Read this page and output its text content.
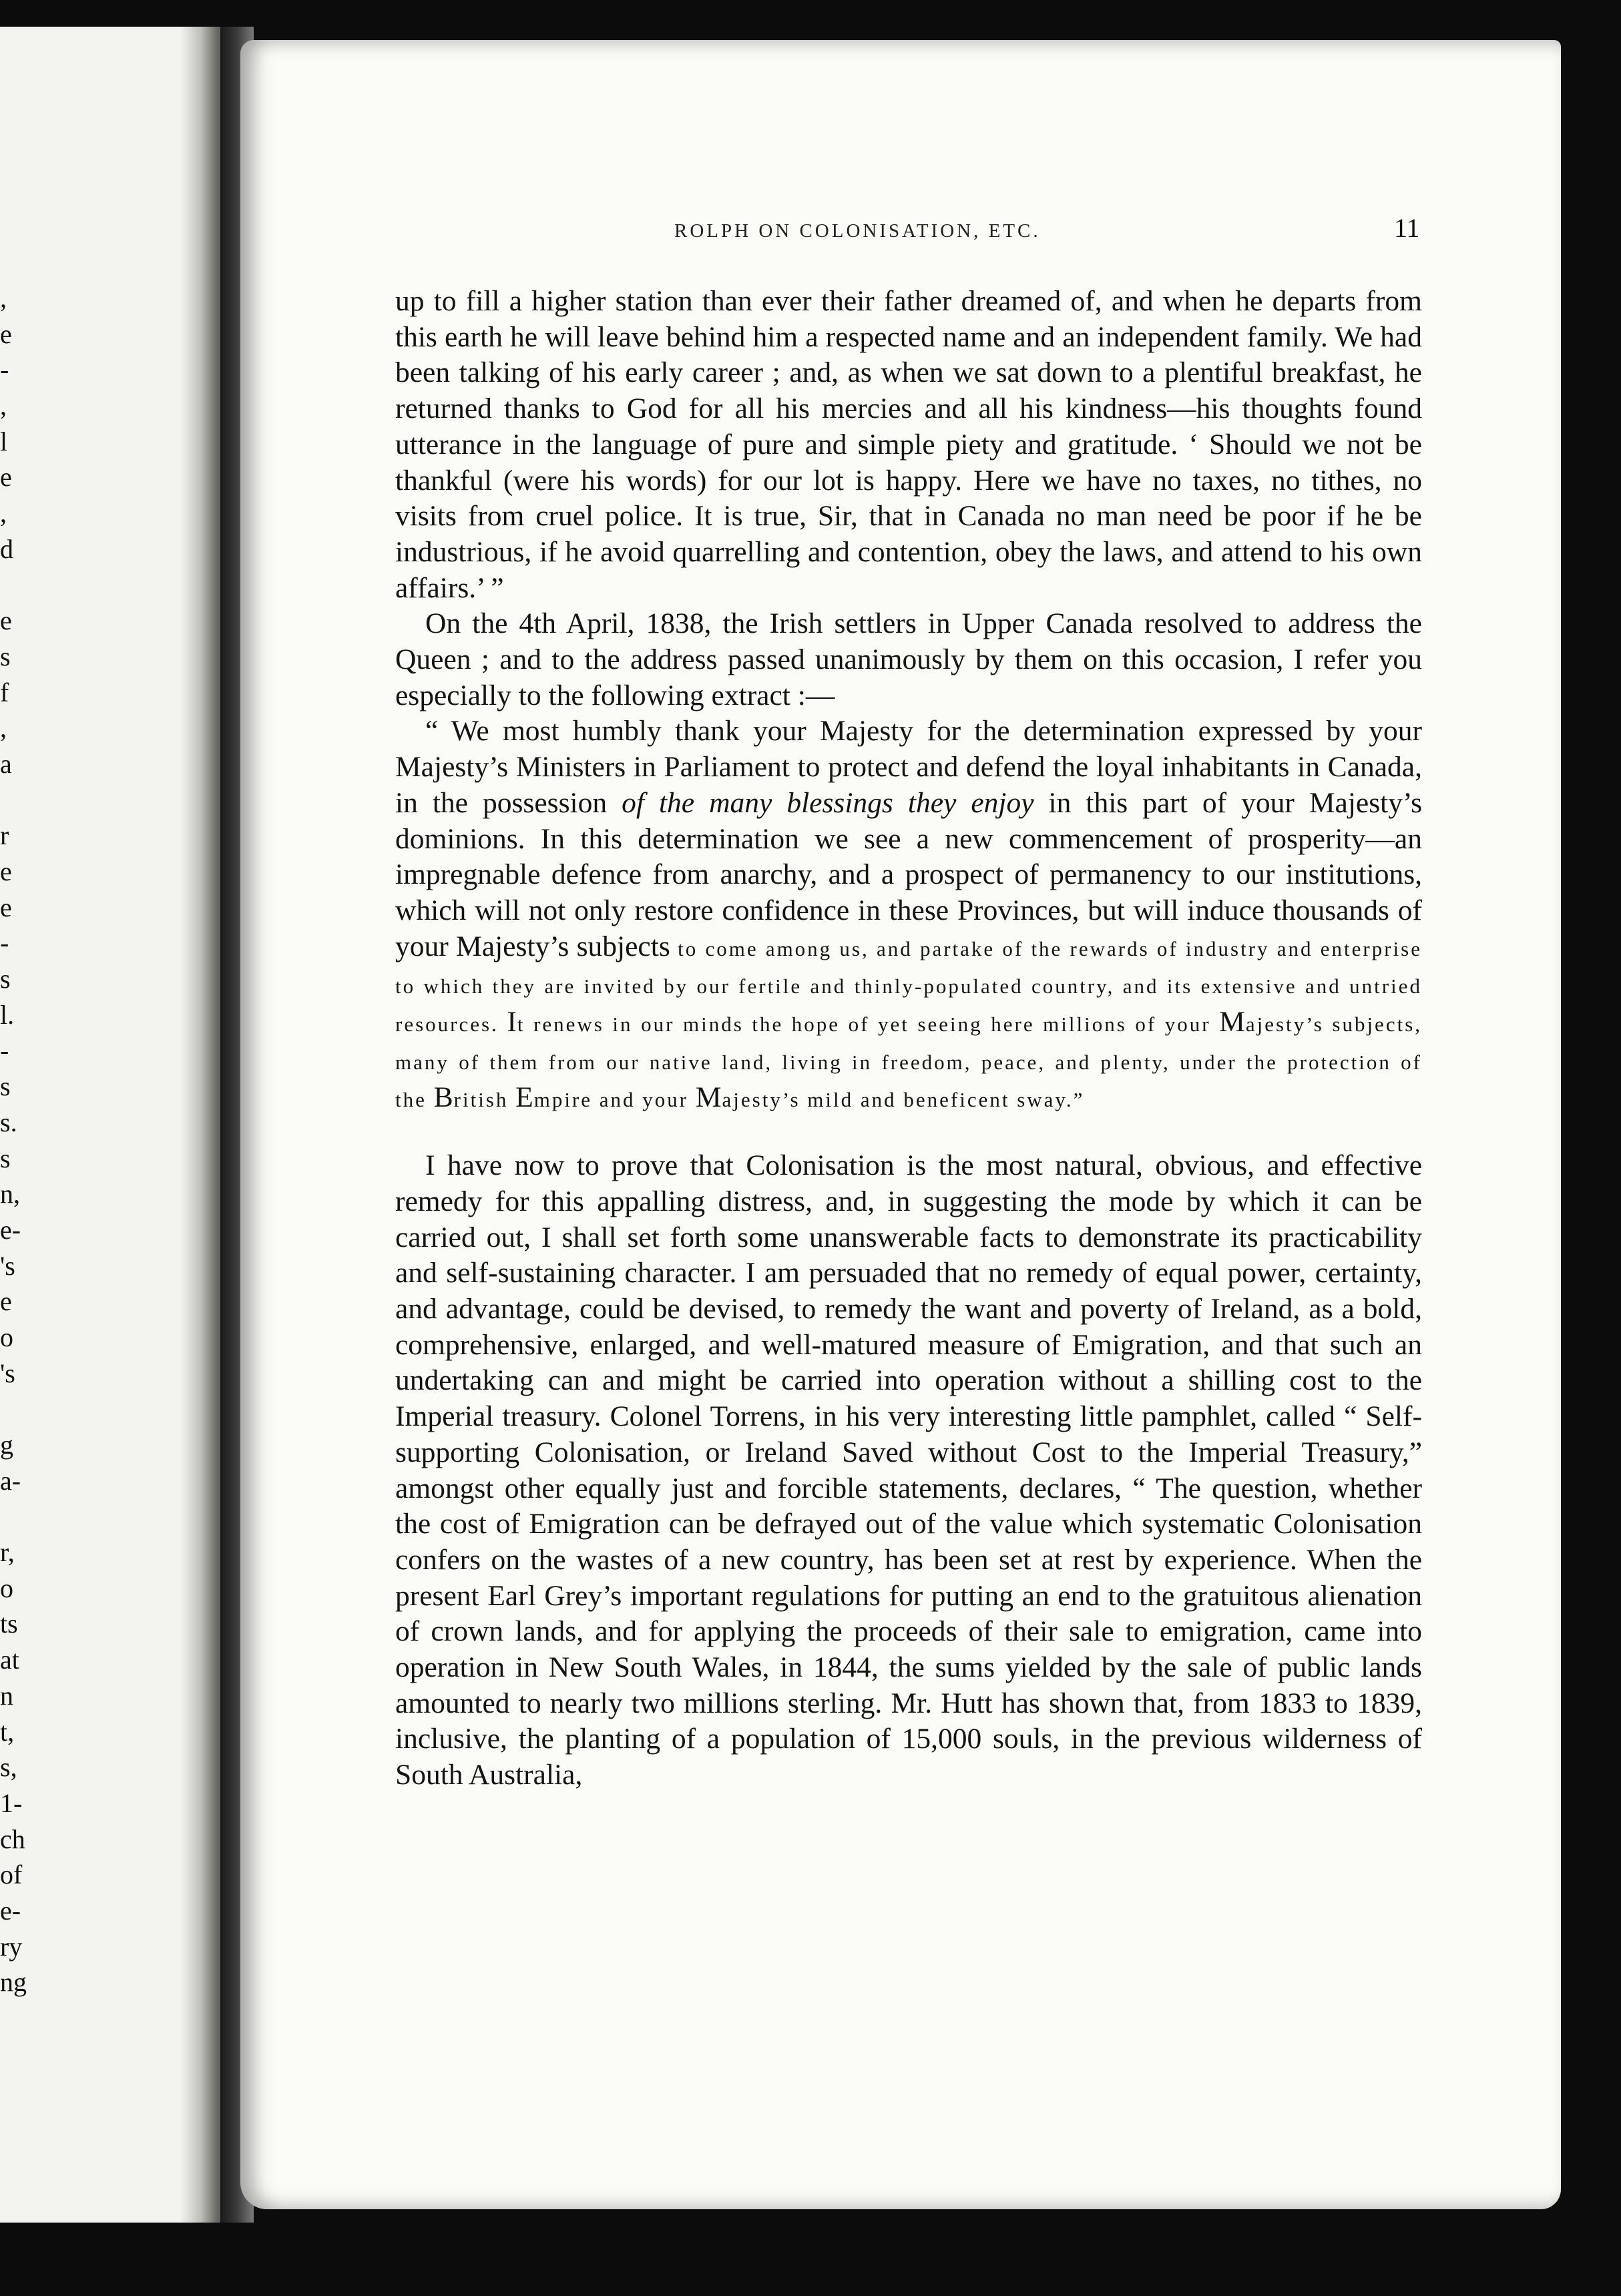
,
e
-
,
l
e
,
d
e
s
f
,
a
r
e
e
-
s
l.
-
s
s.
s
n,
e-
's
e
o
's
g
a-
r,
o
ts
at
n
t,
s,
1-
ch
of
e-
ry
ng
ROLPH ON COLONISATION, ETC.	11

up to fill a higher station than ever their father dreamed of, and when he departs from this earth he will leave behind him a respected name and an independent family. We had been talking of his early career ; and, as when we sat down to a plentiful breakfast, he returned thanks to God for all his mercies and all his kindness—his thoughts found utterance in the language of pure and simple piety and gratitude. ‘ Should we not be thankful (were his words) for our lot is happy. Here we have no taxes, no tithes, no visits from cruel police. It is true, Sir, that in Canada no man need be poor if he be industrious, if he avoid quarrelling and contention, obey the laws, and attend to his own affairs.’ ”

On the 4th April, 1838, the Irish settlers in Upper Canada resolved to address the Queen ; and to the address passed unanimously by them on this occasion, I refer you especially to the following extract :—

“ We most humbly thank your Majesty for the determination expressed by your Majesty’s Ministers in Parliament to protect and defend the loyal inhabitants in Canada, in the possession of the many blessings they enjoy in this part of your Majesty’s dominions. In this determination we see a new commencement of prosperity—an impregnable defence from anarchy, and a prospect of permanency to our institutions, which will not only restore confidence in these Provinces, but will induce thousands of your Majesty’s subjects to come among us, and partake of the rewards of industry and enterprise to which they are invited by our fertile and thinly-populated country, and its extensive and untried resources. It renews in our minds the hope of yet seeing here millions of your Majesty’s subjects, many of them from our native land, living in freedom, peace, and plenty, under the protection of the British Empire and your Majesty’s mild and beneficent sway.”

I have now to prove that Colonisation is the most natural, obvious, and effective remedy for this appalling distress, and, in suggesting the mode by which it can be carried out, I shall set forth some unanswerable facts to demonstrate its practicability and self-sustaining character. I am persuaded that no remedy of equal power, certainty, and advantage, could be devised, to remedy the want and poverty of Ireland, as a bold, comprehensive, enlarged, and well-matured measure of Emigration, and that such an undertaking can and might be carried into operation without a shilling cost to the Imperial treasury. Colonel Torrens, in his very interesting little pamphlet, called “ Self-supporting Colonisation, or Ireland Saved without Cost to the Imperial Treasury,” amongst other equally just and forcible statements, declares, “ The question, whether the cost of Emigration can be defrayed out of the value which systematic Colonisation confers on the wastes of a new country, has been set at rest by experience. When the present Earl Grey’s important regulations for putting an end to the gratuitous alienation of crown lands, and for applying the proceeds of their sale to emigration, came into operation in New South Wales, in 1844, the sums yielded by the sale of public lands amounted to nearly two millions sterling. Mr. Hutt has shown that, from 1833 to 1839, inclusive, the planting of a population of 15,000 souls, in the previous wilderness of South Australia,
